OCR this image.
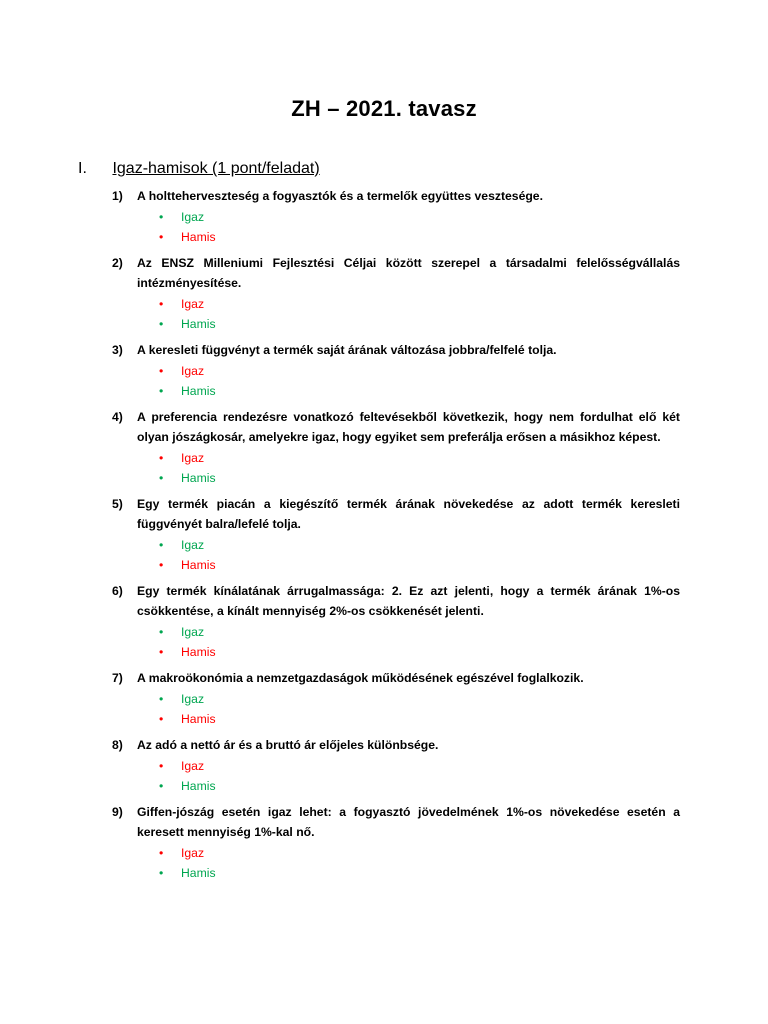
ZH – 2021. tavasz
I. Igaz-hamisok (1 pont/feladat)
1) A holtteherveszteség a fogyasztók és a termelők együttes vesztesége.
• Igaz
• Hamis
2) Az ENSZ Milleniumi Fejlesztési Céljai között szerepel a társadalmi felelősségvállalás intézményesítése.
• Igaz
• Hamis
3) A keresleti függvényt a termék saját árának változása jobbra/felfelé tolja.
• Igaz
• Hamis
4) A preferencia rendezésre vonatkozó feltevésekből következik, hogy nem fordulhat elő két olyan jószágkosár, amelyekre igaz, hogy egyiket sem preferálja erősen a másikhoz képest.
• Igaz
• Hamis
5) Egy termék piacán a kiegészítő termék árának növekedése az adott termék keresleti függvényét balra/lefelé tolja.
• Igaz
• Hamis
6) Egy termék kínálatának árrugalmassága: 2. Ez azt jelenti, hogy a termék árának 1%-os csökkentése, a kínált mennyiség 2%-os csökkenését jelenti.
• Igaz
• Hamis
7) A makroökonómia a nemzetgazdaságok működésének egészével foglalkozik.
• Igaz
• Hamis
8) Az adó a nettó ár és a bruttó ár előjeles különbsége.
• Igaz
• Hamis
9) Giffen-jószág esetén igaz lehet: a fogyasztó jövedelmének 1%-os növekedése esetén a keresett mennyiség 1%-kal nő.
• Igaz
• Hamis
